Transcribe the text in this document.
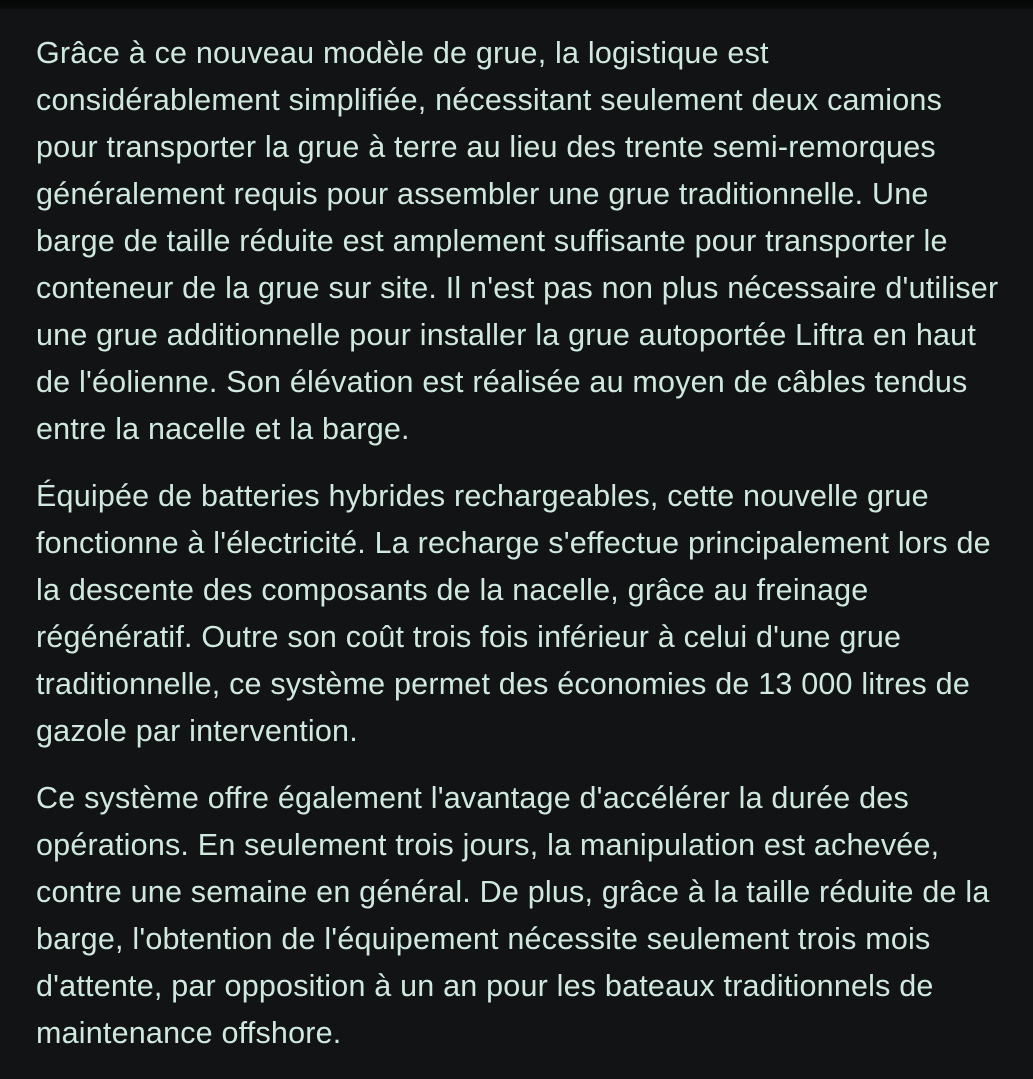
Grâce à ce nouveau modèle de grue, la logistique est considérablement simplifiée, nécessitant seulement deux camions pour transporter la grue à terre au lieu des trente semi-remorques généralement requis pour assembler une grue traditionnelle. Une barge de taille réduite est amplement suffisante pour transporter le conteneur de la grue sur site. Il n'est pas non plus nécessaire d'utiliser une grue additionnelle pour installer la grue autoportée Liftra en haut de l'éolienne. Son élévation est réalisée au moyen de câbles tendus entre la nacelle et la barge.

Équipée de batteries hybrides rechargeables, cette nouvelle grue fonctionne à l'électricité. La recharge s'effectue principalement lors de la descente des composants de la nacelle, grâce au freinage régénératif. Outre son coût trois fois inférieur à celui d'une grue traditionnelle, ce système permet des économies de 13 000 litres de gazole par intervention.

Ce système offre également l'avantage d'accélérer la durée des opérations. En seulement trois jours, la manipulation est achevée, contre une semaine en général. De plus, grâce à la taille réduite de la barge, l'obtention de l'équipement nécessite seulement trois mois d'attente, par opposition à un an pour les bateaux traditionnels de maintenance offshore.
